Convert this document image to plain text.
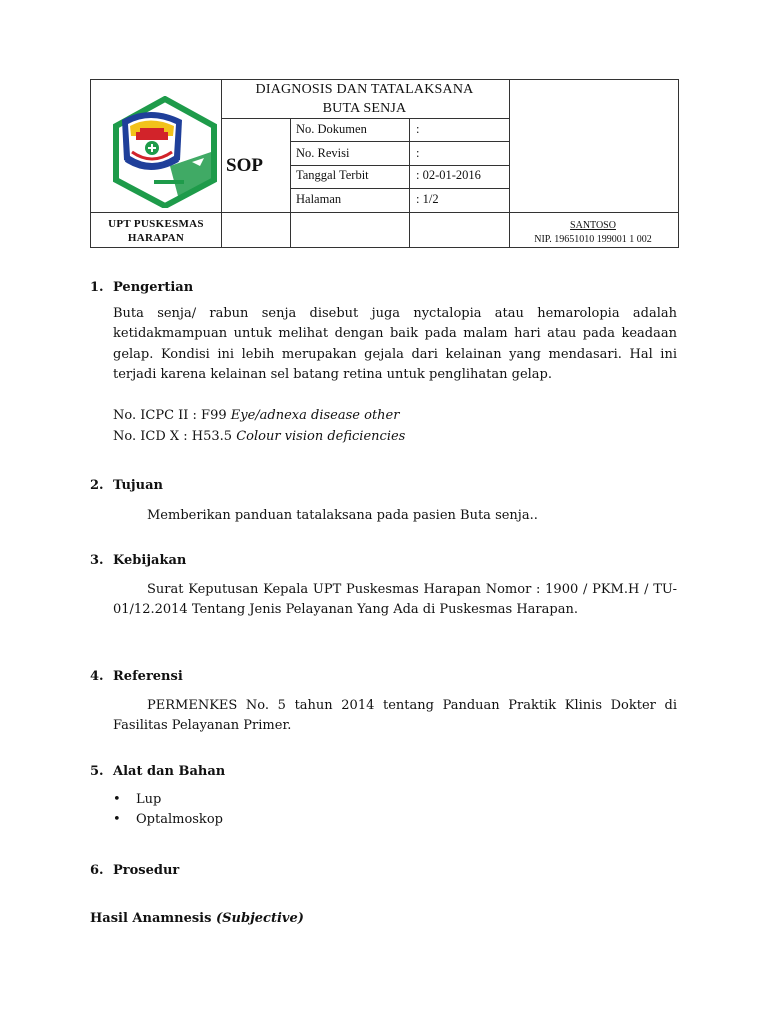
DIAGNOSIS DAN TATALAKSANA
BUTA SENJA
SOP
No. Dokumen	:
No. Revisi	:
Tanggal Terbit	: 02-01-2016
Halaman	: 1/2
UPT PUSKESMAS
HARAPAN
SANTOSO
NIP. 19651010 199001 1 002
1. Pengertian
Buta senja/ rabun senja disebut juga nyctalopia atau hemarolopia adalah ketidakmampuan untuk melihat dengan baik pada malam hari atau pada keadaan gelap. Kondisi ini lebih merupakan gejala dari kelainan yang mendasari. Hal ini terjadi karena kelainan sel batang retina untuk penglihatan gelap.
No. ICPC II : F99 Eye/adnexa disease other
No. ICD X : H53.5 Colour vision deficiencies
2. Tujuan
Memberikan panduan tatalaksana pada pasien Buta senja..
3. Kebijakan
Surat Keputusan Kepala UPT Puskesmas Harapan Nomor : 1900 / PKM.H / TU-01/12.2014 Tentang Jenis Pelayanan Yang Ada di Puskesmas Harapan.
4. Referensi
PERMENKES No. 5 tahun 2014 tentang Panduan Praktik Klinis Dokter di Fasilitas Pelayanan Primer.
5. Alat dan Bahan
• Lup
• Optalmoskop
6. Prosedur
Hasil Anamnesis (Subjective)
